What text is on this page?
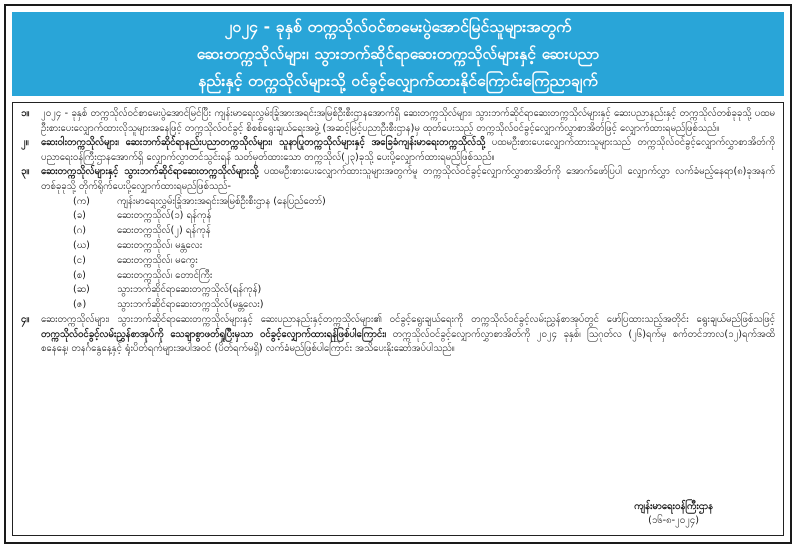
၂၀၂၄ - ခုနှစ် တက္ကသိုလ်ဝင်စာမေးပွဲအောင်မြင်သူများအတွက်
ဆေးတက္ကသိုလ်များ၊ သွားဘက်ဆိုင်ရာဆေးတက္ကသိုလ်များနှင့် ဆေးပညာ
နည်းနှင့် တက္ကသိုလ်များသို့ ဝင်ခွင့်လျှောက်ထားနိုင်ကြောင်းကြေညာချက်
၁။	၂၀၂၄ - ခုနှစ် တက္ကသိုလ်ဝင်စာမေးပွဲအောင်မြင်ပြီး ကျန်းမာရေးလွှမ်းခြုံအားအရင်းအမြစ်ဦးစီးဌာနအောက်ရှိ ဆေးတက္ကသိုလ်များ၊ သွားဘက်ဆိုင်ရာဆေးတက္ကသိုလ်များနှင့် ဆေးပညာနည်းနှင့် တက္ကသိုလ်တစ်ခုခုသို့ ပထမဦးစားပေးလျှောက်ထားလိုသူများအနေဖြင့် တက္ကသိုလ်ဝင်ခွင့် စိစစ်ရွေးချယ်ရေးအဖွဲ့ (အဆင့်မြင့်ပညာဦးစီးဌာန)မှ ထုတ်ပေးသည့် တက္ကသိုလ်ဝင်ခွင့်လျှောက်လွှာစာအိတ်ဖြင့် လျှောက်ထားရမည်ဖြစ်သည်။
၂။	ဆေးဝါးတက္ကသိုလ်များ၊ ဆေးဘက်ဆိုင်ရာနည်းပညာတက္ကသိုလ်များ၊ သူနာပြုတက္ကသိုလ်များနှင့် အခြေခံကျန်းမာရေးတက္ကသိုလ်သို့ ပထမဦးစားပေးလျှောက်ထားသူများသည် တက္ကသိုလ်ဝင်ခွင့်လျှောက်လွှာစာအိတ်ကို ပညာရေးဝန်ကြီးဌာနအောက်ရှိ လျှောက်လွှာတင်သွင်းရန် သတ်မှတ်ထားသော တက္ကသိုလ်(၂၃)ခုသို့ ပေးပို့လျှောက်ထားရမည်ဖြစ်သည်။
၃။	ဆေးတက္ကသိုလ်များနှင့် သွားဘက်ဆိုင်ရာဆေးတက္ကသိုလ်များသို့ ပထမဦးစားပေးလျှောက်ထားသူများအတွက်မူ တက္ကသိုလ်ဝင်ခွင့်လျှောက်လွှာစာအိတ်ကို အောက်ဖော်ပြပါ လျှောက်လွှာ လက်ခံမည့်နေရာ(၈)ခုအနက် တစ်ခုခုသို့ တိုက်ရိုက်ပေးပို့လျှောက်ထားရမည်ဖြစ်သည်-
(က)	ကျန်းမာရေးလွှမ်းခြုံအားအရင်းအမြစ်ဦးစီးဌာန (နေပြည်တော်)
(ခ)	ဆေးတက္ကသိုလ်(၁) ရန်ကုန်
(ဂ)	ဆေးတက္ကသိုလ်(၂) ရန်ကုန်
(ဃ)	ဆေးတက္ကသိုလ်၊ မန္တလေး
(င)	ဆေးတက္ကသိုလ်၊ မကွေး
(စ)	ဆေးတက္ကသိုလ်၊ တောင်ကြီး
(ဆ)	သွားဘက်ဆိုင်ရာဆေးတက္ကသိုလ်(ရန်ကုန်)
(ဇ)	သွားဘက်ဆိုင်ရာဆေးတက္ကသိုလ်(မန္တလေး)
၄။	ဆေးတက္ကသိုလ်များ၊ သွားဘက်ဆိုင်ရာဆေးတက္ကသိုလ်များနှင့် ဆေးပညာနည်းနှင့်တက္ကသိုလ်များ၏ ဝင်ခွင့်ရွေးချယ်ရေးကို တက္ကသိုလ်ဝင်ခွင့်လမ်းညွှန်စာအုပ်တွင် ဖော်ပြထားသည့်အတိုင်း ရွေးချယ်မည်ဖြစ်သဖြင့် တက္ကသိုလ်ဝင်ခွင့်လမ်းညွှန်စာအုပ်ကို သေချာစွာဖတ်ရှုပြီးမှသာ ဝင်ခွင့်လျှောက်ထားရန်ဖြစ်ပါကြောင်း၊ တက္ကသိုလ်ဝင်ခွင့်လျှောက်လွှာစာအိတ်ကို ၂၀၂၄ ခုနှစ်၊ ဩဂုတ်လ (၂၆)ရက်မှ စက်တင်ဘာလ(၁၂)ရက်အထိ စနေနေ့၊ တနင်္ဂနွေနေ့နှင့် ရုံးပိတ်ရက်များအပါအဝင် (ပိတ်ရက်မရှိ) လက်ခံမည်ဖြစ်ပါကြောင်း အသိပေးနိုးဆော်အပ်ပါသည်။
ကျန်းမာရေးဝန်ကြီးဌာန
(၁၆-၈-၂၀၂၄)
